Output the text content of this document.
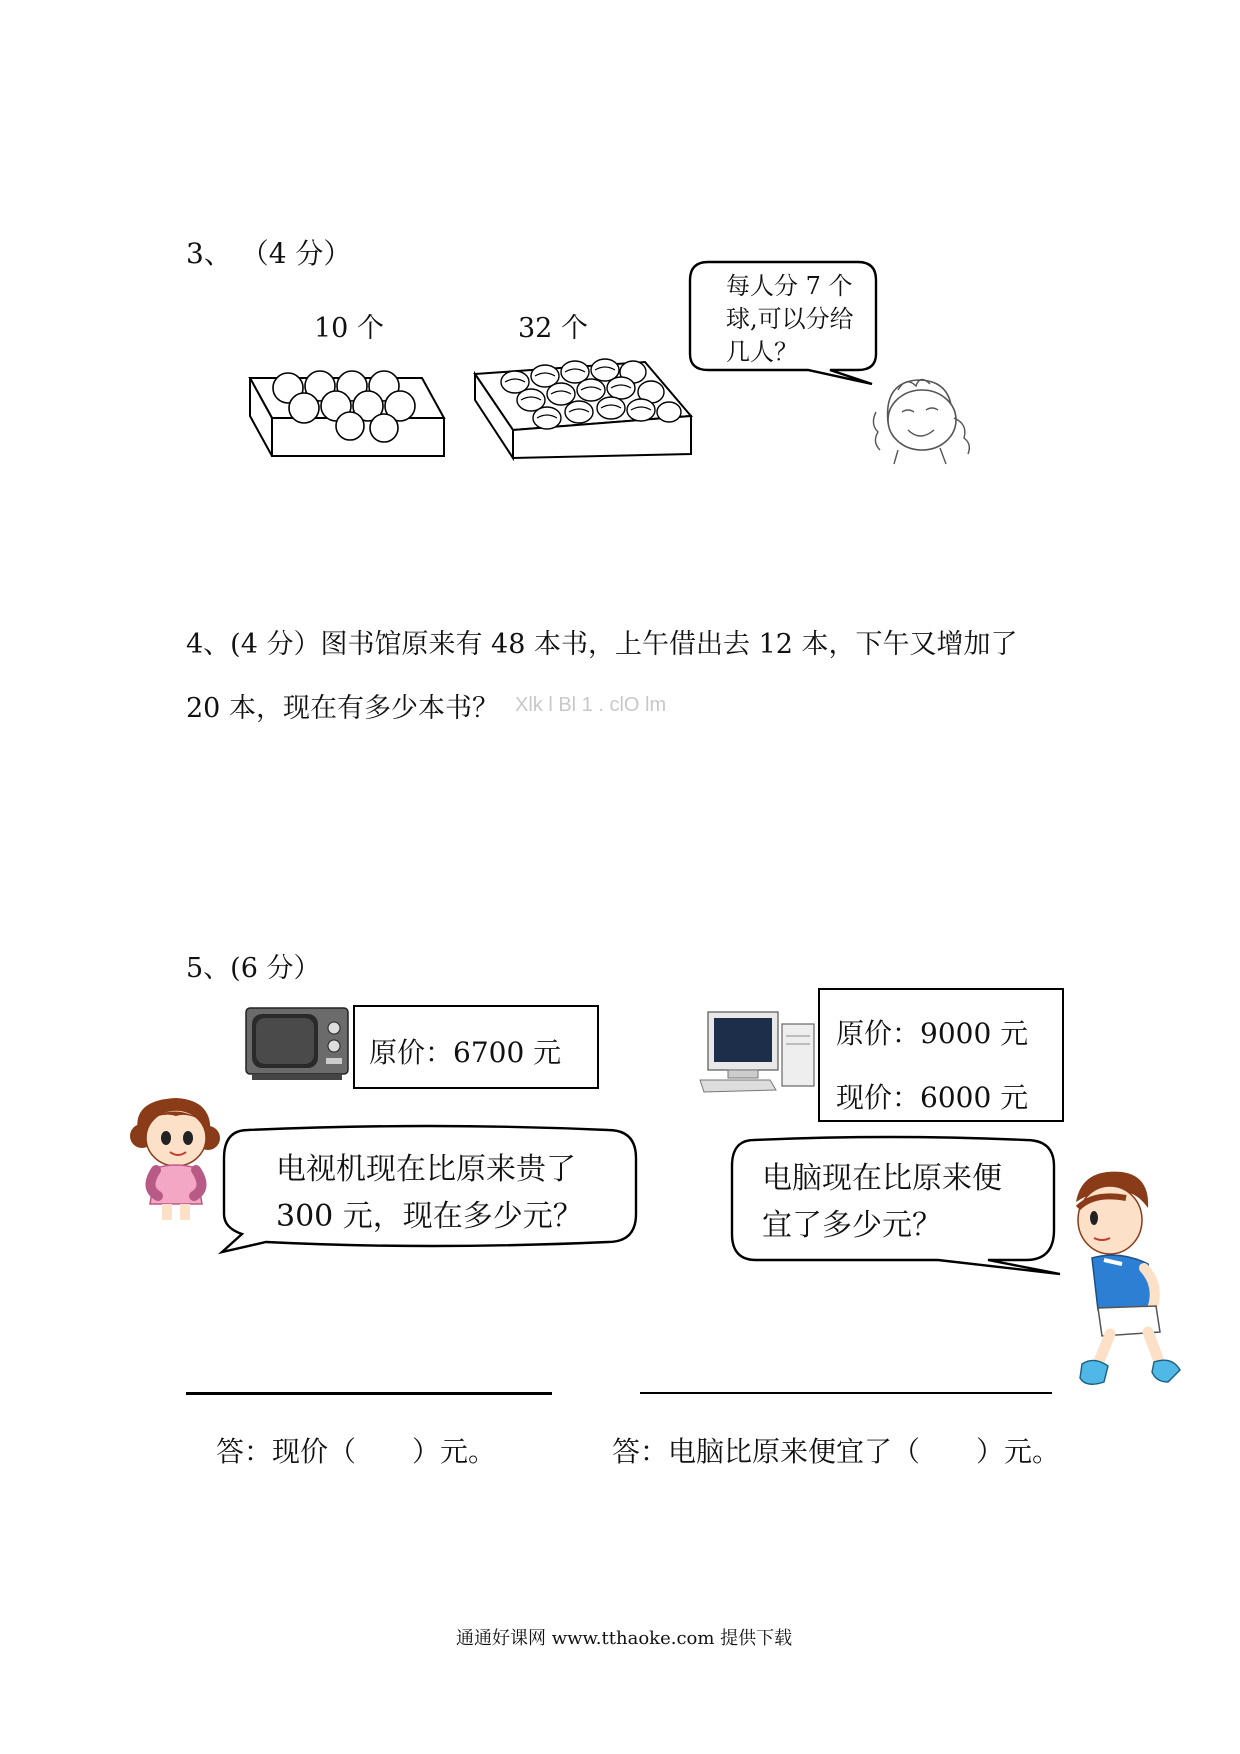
3、 （4 分）
10 个	32 个
每人分 7 个
球,可以分给
几人？
4、(4 分）图书馆原来有 48 本书，上午借出去 12 本，下午又增加了
20 本，现在有多少本书？ Xlk l Bl 1 . clO lm
5、(6 分）
原价：6700 元
原价：9000 元
现价：6000 元
电视机现在比原来贵了
300 元，现在多少元？
电脑现在比原来便
宜了多少元？
答：现价（　　）元。	答：电脑比原来便宜了（　　）元。
通通好课网 www.tthaoke.com 提供下载
